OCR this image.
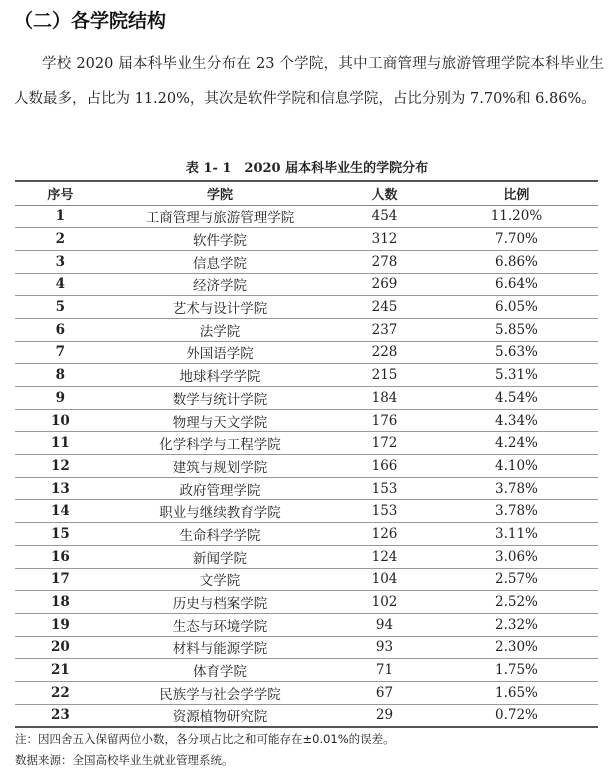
（二）各学院结构
学校 2020 届本科毕业生分布在 23 个学院，其中工商管理与旅游管理学院本科毕业生人数最多，占比为 11.20%，其次是软件学院和信息学院，占比分别为 7.70%和 6.86%。
表 1- 1　2020 届本科毕业生的学院分布
序号	学院	人数	比例
1	工商管理与旅游管理学院	454	11.20%
2	软件学院	312	7.70%
3	信息学院	278	6.86%
4	经济学院	269	6.64%
5	艺术与设计学院	245	6.05%
6	法学院	237	5.85%
7	外国语学院	228	5.63%
8	地球科学学院	215	5.31%
9	数学与统计学院	184	4.54%
10	物理与天文学院	176	4.34%
11	化学科学与工程学院	172	4.24%
12	建筑与规划学院	166	4.10%
13	政府管理学院	153	3.78%
14	职业与继续教育学院	153	3.78%
15	生命科学学院	126	3.11%
16	新闻学院	124	3.06%
17	文学院	104	2.57%
18	历史与档案学院	102	2.52%
19	生态与环境学院	94	2.32%
20	材料与能源学院	93	2.30%
21	体育学院	71	1.75%
22	民族学与社会学学院	67	1.65%
23	资源植物研究院	29	0.72%
注：因四舍五入保留两位小数，各分项占比之和可能存在±0.01%的误差。
数据来源：全国高校毕业生就业管理系统。
